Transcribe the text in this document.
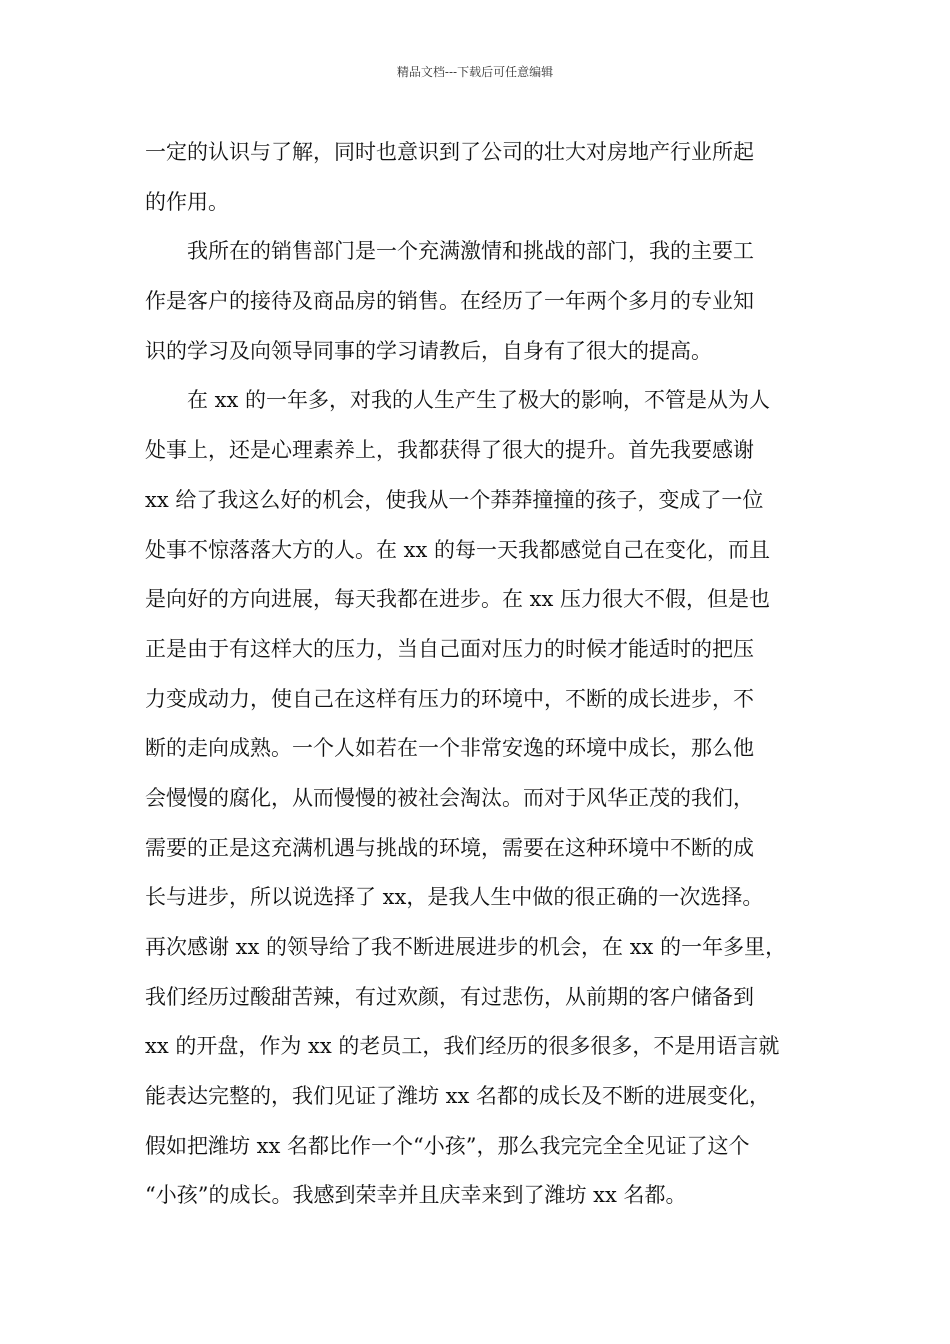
精品文档---下载后可任意编辑
一定的认识与了解，同时也意识到了公司的壮大对房地产行业所起
的作用。
　　我所在的销售部门是一个充满激情和挑战的部门，我的主要工
作是客户的接待及商品房的销售。在经历了一年两个多月的专业知
识的学习及向领导同事的学习请教后，自身有了很大的提高。
　　在 xx 的一年多，对我的人生产生了极大的影响，不管是从为人
处事上，还是心理素养上，我都获得了很大的提升。首先我要感谢
xx 给了我这么好的机会，使我从一个莽莽撞撞的孩子，变成了一位
处事不惊落落大方的人。在 xx 的每一天我都感觉自己在变化，而且
是向好的方向进展，每天我都在进步。在 xx 压力很大不假，但是也
正是由于有这样大的压力，当自己面对压力的时候才能适时的把压
力变成动力，使自己在这样有压力的环境中，不断的成长进步，不
断的走向成熟。一个人如若在一个非常安逸的环境中成长，那么他
会慢慢的腐化，从而慢慢的被社会淘汰。而对于风华正茂的我们，
需要的正是这充满机遇与挑战的环境，需要在这种环境中不断的成
长与进步，所以说选择了 xx，是我人生中做的很正确的一次选择。
再次感谢 xx 的领导给了我不断进展进步的机会，在 xx 的一年多里，
我们经历过酸甜苦辣，有过欢颜，有过悲伤，从前期的客户储备到
xx 的开盘，作为 xx 的老员工，我们经历的很多很多，不是用语言就
能表达完整的，我们见证了潍坊 xx 名都的成长及不断的进展变化，
假如把潍坊 xx 名都比作一个“小孩”，那么我完完全全见证了这个
“小孩”的成长。我感到荣幸并且庆幸来到了潍坊 xx 名都。
